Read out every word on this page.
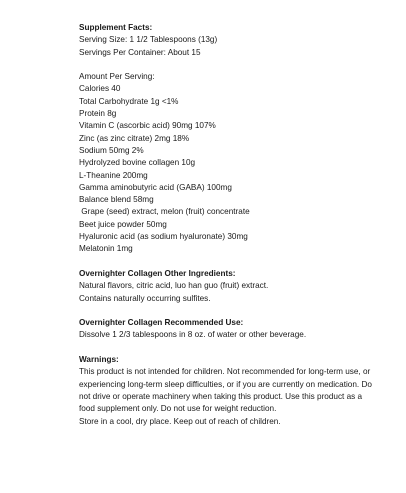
Supplement Facts:
Serving Size: 1 1/2 Tablespoons (13g)
Servings Per Container: About 15
Amount Per Serving:
Calories 40
Total Carbohydrate 1g <1%
Protein 8g
Vitamin C (ascorbic acid) 90mg 107%
Zinc (as zinc citrate) 2mg 18%
Sodium 50mg 2%
Hydrolyzed bovine collagen 10g
L-Theanine 200mg
Gamma aminobutyric acid (GABA) 100mg
Balance blend 58mg
Grape (seed) extract, melon (fruit) concentrate
Beet juice powder 50mg
Hyaluronic acid (as sodium hyaluronate) 30mg
Melatonin 1mg
Overnighter Collagen Other Ingredients:
Natural flavors, citric acid, luo han guo (fruit) extract.
Contains naturally occurring sulfites.
Overnighter Collagen Recommended Use:
Dissolve 1 2/3 tablespoons in 8 oz. of water or other beverage.
Warnings:
This product is not intended for children. Not recommended for long-term use, or experiencing long-term sleep difficulties, or if you are currently on medication. Do not drive or operate machinery when taking this product. Use this product as a food supplement only. Do not use for weight reduction.
Store in a cool, dry place. Keep out of reach of children.
